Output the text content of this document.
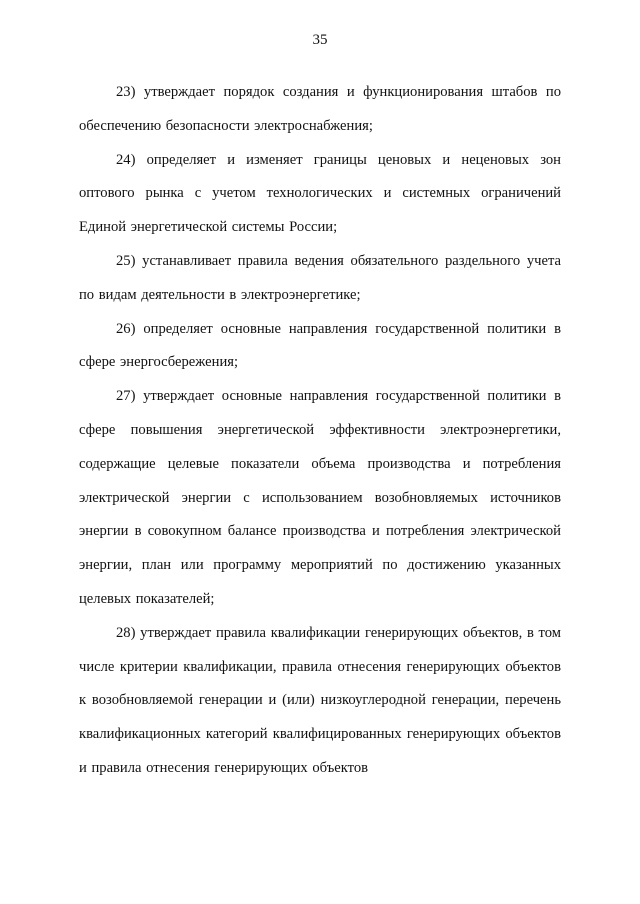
35

23) утверждает порядок создания и функционирования штабов по обеспечению безопасности электроснабжения;

24) определяет и изменяет границы ценовых и неценовых зон оптового рынка с учетом технологических и системных ограничений Единой энергетической системы России;

25) устанавливает правила ведения обязательного раздельного учета по видам деятельности в электроэнергетике;

26) определяет основные направления государственной политики в сфере энергосбережения;

27) утверждает основные направления государственной политики в сфере повышения энергетической эффективности электроэнергетики, содержащие целевые показатели объема производства и потребления электрической энергии с использованием возобновляемых источников энергии в совокупном балансе производства и потребления электрической энергии, план или программу мероприятий по достижению указанных целевых показателей;

28) утверждает правила квалификации генерирующих объектов, в том числе критерии квалификации, правила отнесения генерирующих объектов к возобновляемой генерации и (или) низкоуглеродной генерации, перечень квалификационных категорий квалифицированных генерирующих объектов и правила отнесения генерирующих объектов
